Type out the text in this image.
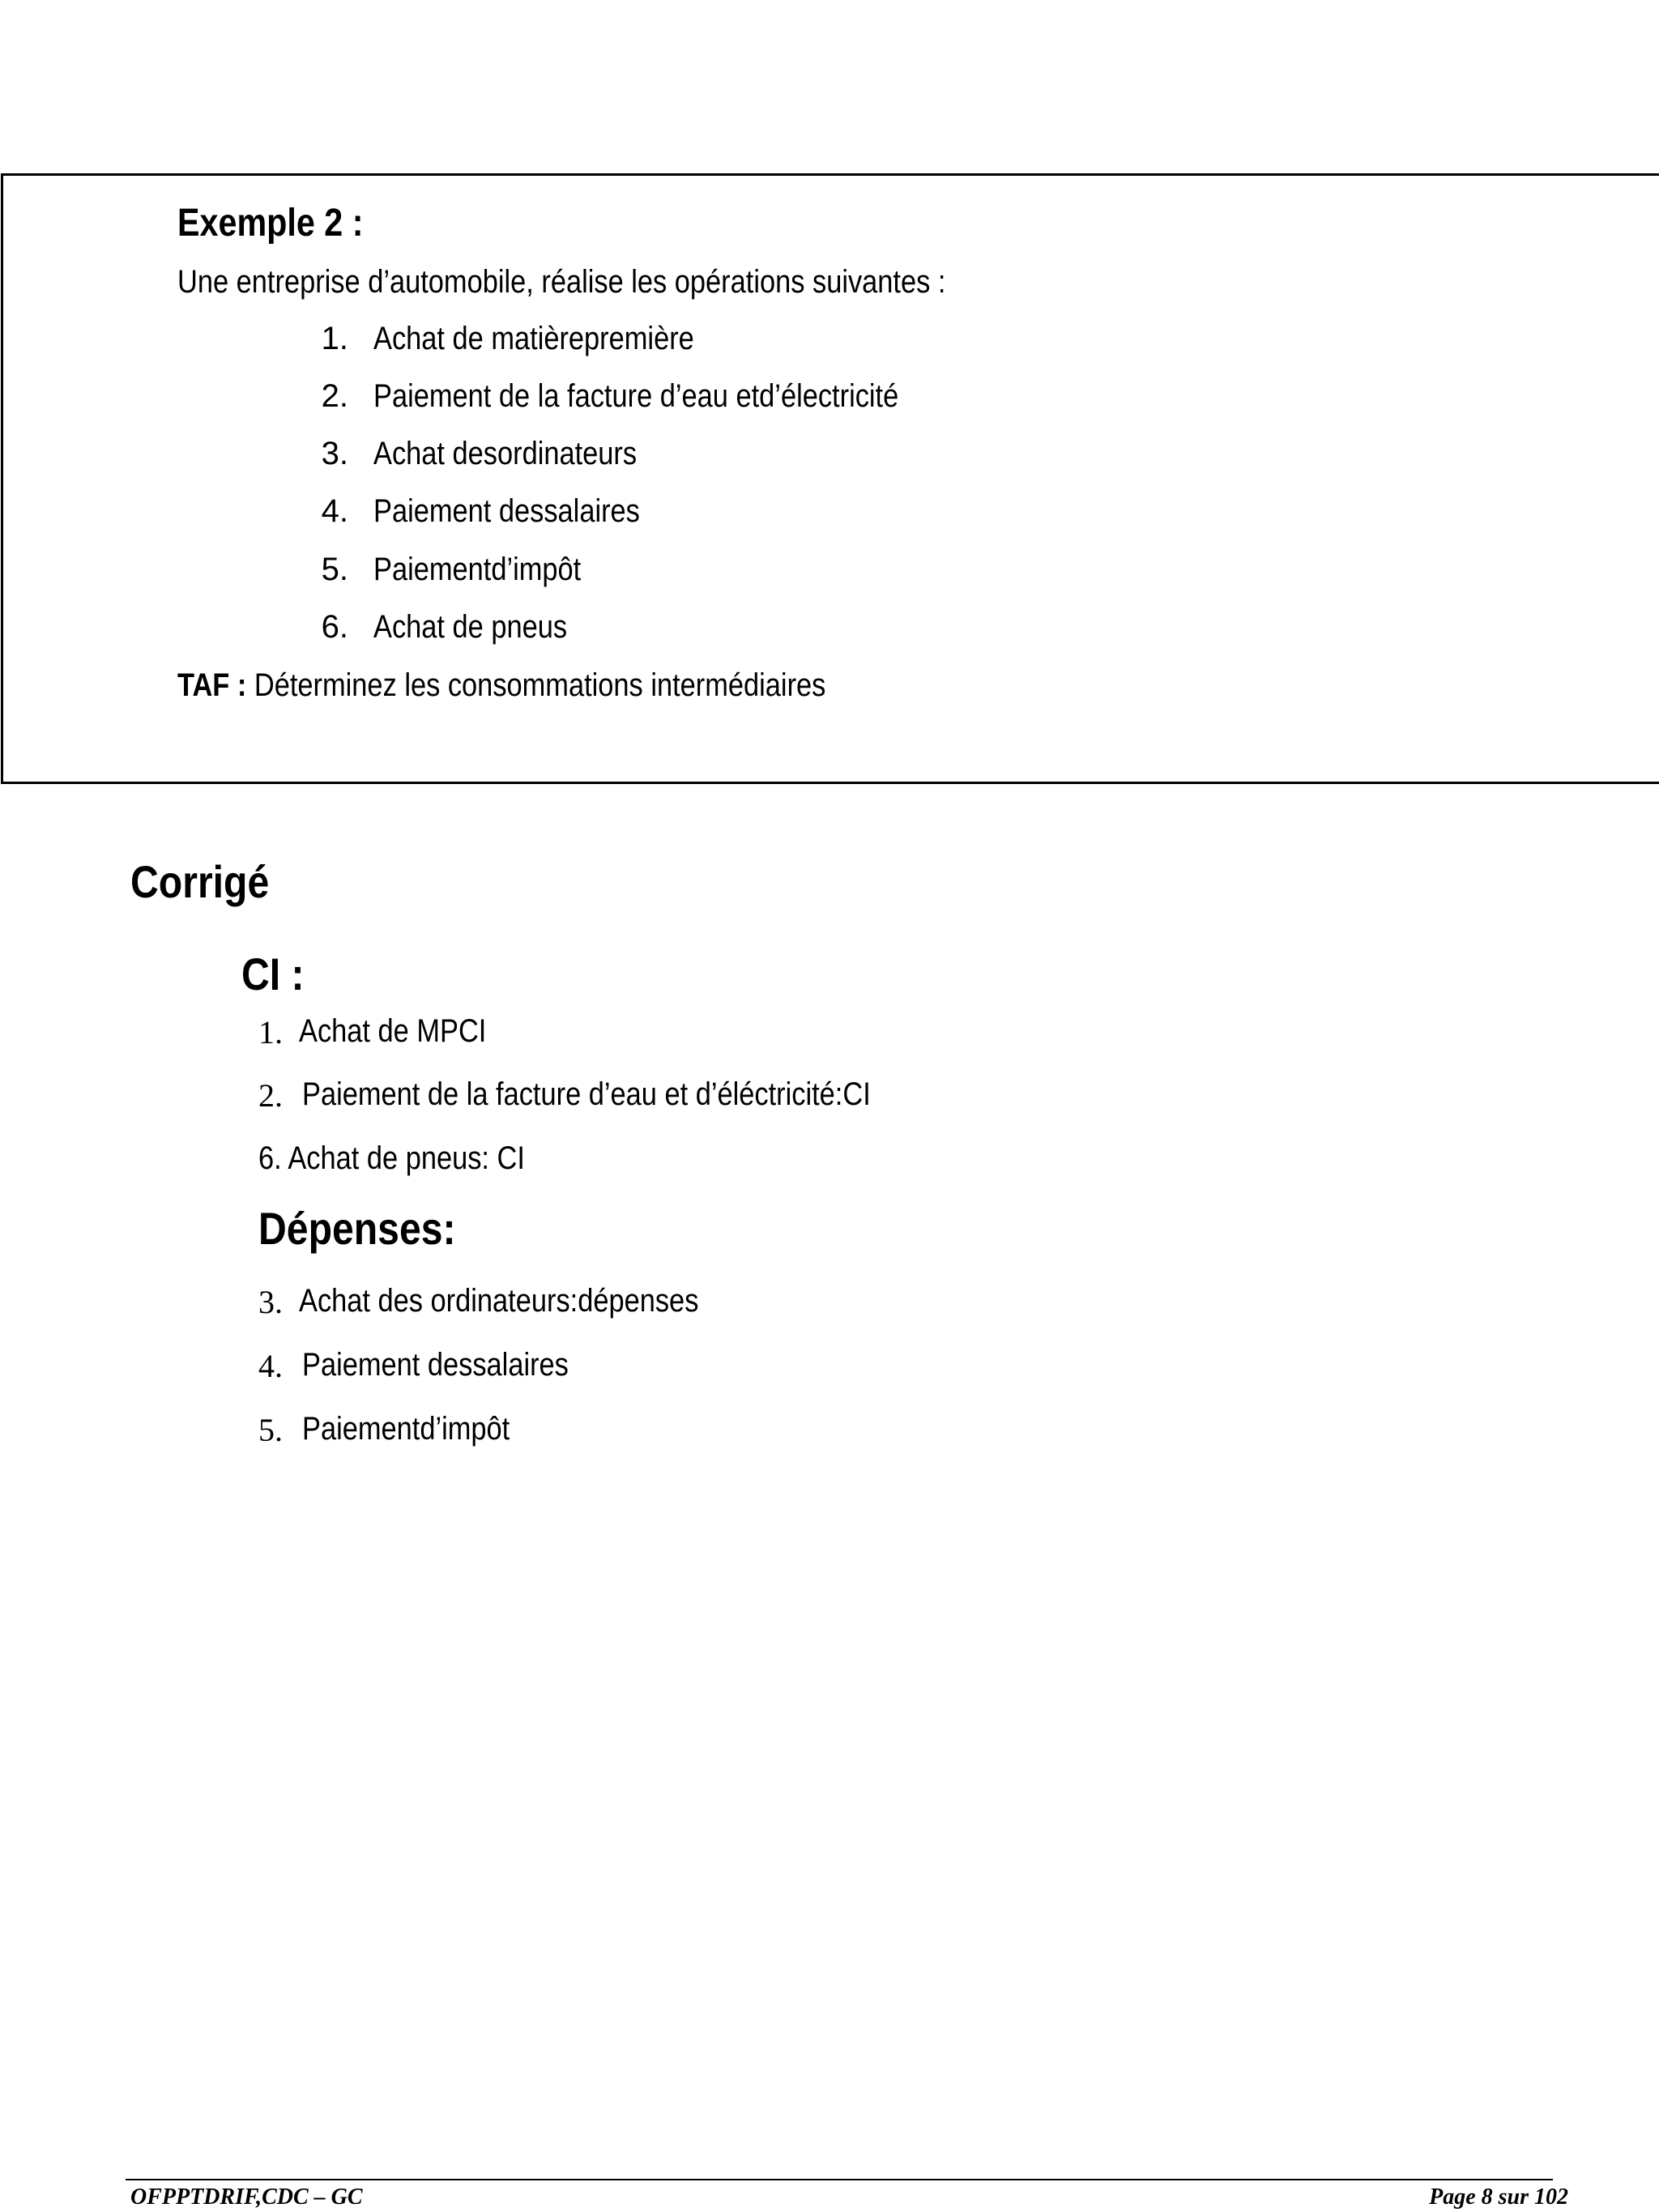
Exemple 2 :
Une entreprise d’automobile, réalise les opérations suivantes :
1. Achat de matièrepremière
2. Paiement de la facture d’eau etd’électricité
3. Achat desordinateurs
4. Paiement dessalaires
5. Paiementd’impôt
6. Achat de pneus
TAF : Déterminez les consommations intermédiaires
Corrigé
CI :
1. Achat de MPCI
2. Paiement de la facture d’eau et d’éléctricité:CI
6. Achat de pneus: CI
Dépenses:
3. Achat des ordinateurs:dépenses
4. Paiement dessalaires
5. Paiementd’impôt
OFPPTDRIF,CDC – GC	Page 8 sur 102
